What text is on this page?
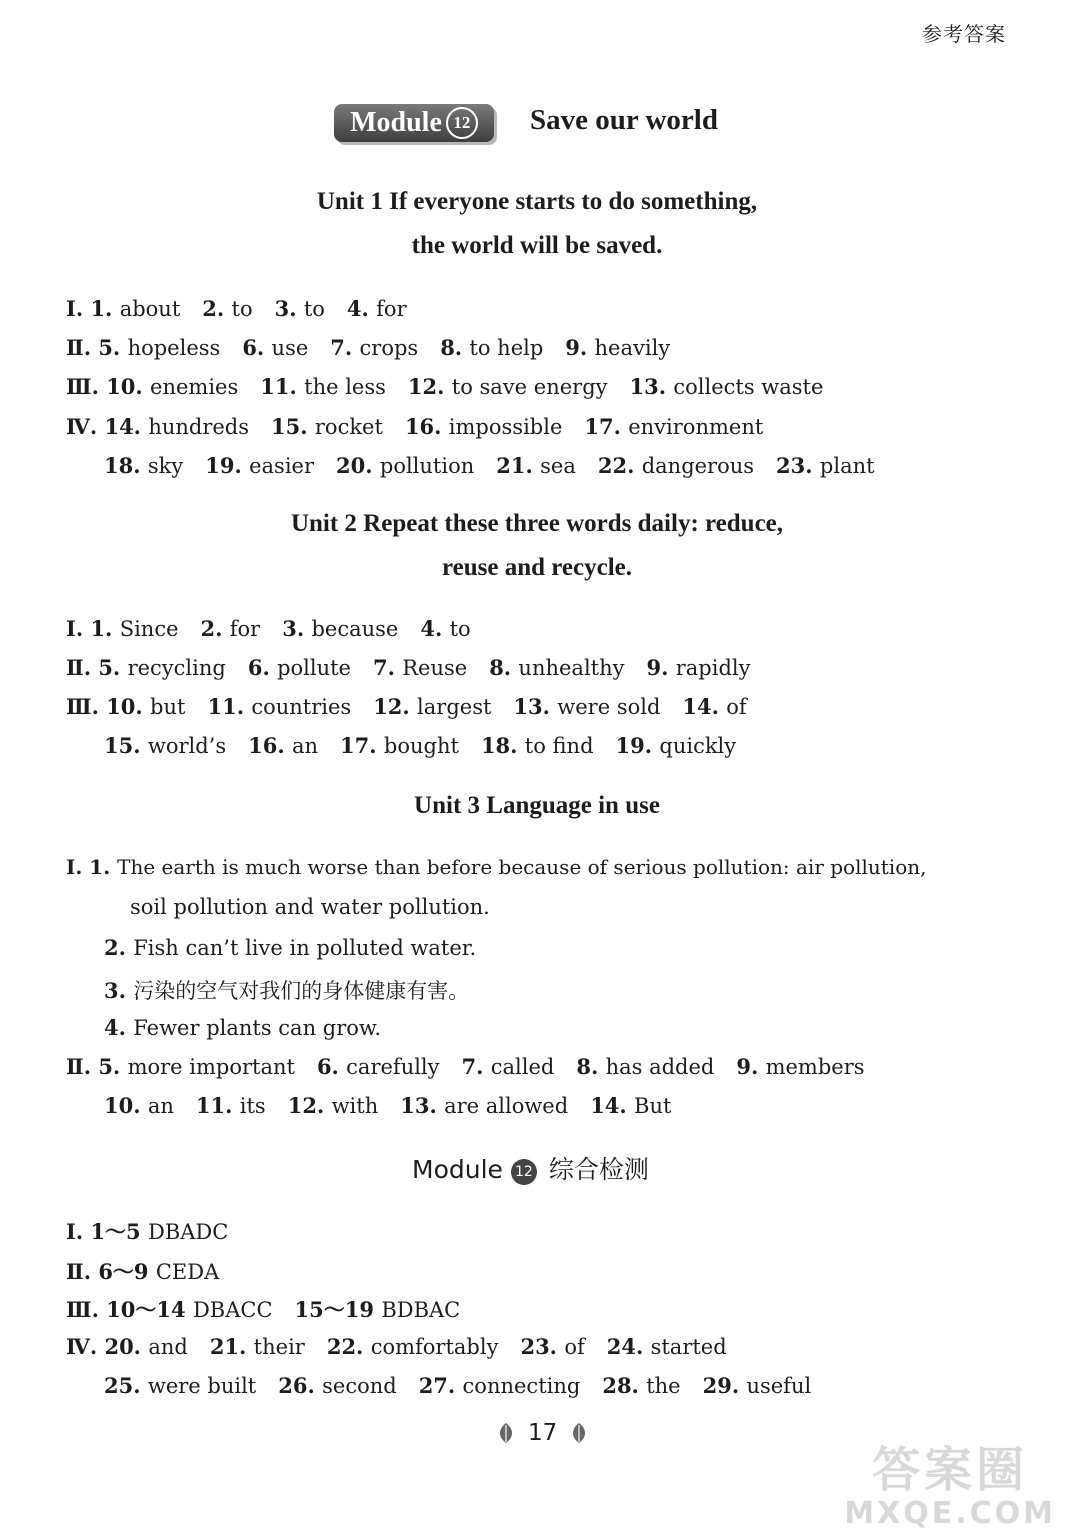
参考答案
Module 12 Save our world
Unit 1 If everyone starts to do something,
the world will be saved.
Ⅰ. 1. about 2. to 3. to 4. for
Ⅱ. 5. hopeless 6. use 7. crops 8. to help 9. heavily
Ⅲ. 10. enemies 11. the less 12. to save energy 13. collects waste
Ⅳ. 14. hundreds 15. rocket 16. impossible 17. environment
18. sky 19. easier 20. pollution 21. sea 22. dangerous 23. plant
Unit 2 Repeat these three words daily: reduce,
reuse and recycle.
Ⅰ. 1. Since 2. for 3. because 4. to
Ⅱ. 5. recycling 6. pollute 7. Reuse 8. unhealthy 9. rapidly
Ⅲ. 10. but 11. countries 12. largest 13. were sold 14. of
15. world’s 16. an 17. bought 18. to find 19. quickly
Unit 3 Language in use
Ⅰ. 1. The earth is much worse than before because of serious pollution: air pollution,
soil pollution and water pollution.
2. Fish can’t live in polluted water.
3. 污染的空气对我们的身体健康有害。
4. Fewer plants can grow.
Ⅱ. 5. more important 6. carefully 7. called 8. has added 9. members
10. an 11. its 12. with 13. are allowed 14. But
Module 12 综合检测
Ⅰ. 1～5 DBADC
Ⅱ. 6～9 CEDA
Ⅲ. 10～14 DBACC 15～19 BDBAC
Ⅳ. 20. and 21. their 22. comfortably 23. of 24. started
25. were built 26. second 27. connecting 28. the 29. useful
17
答案圈
MXQE.COM
